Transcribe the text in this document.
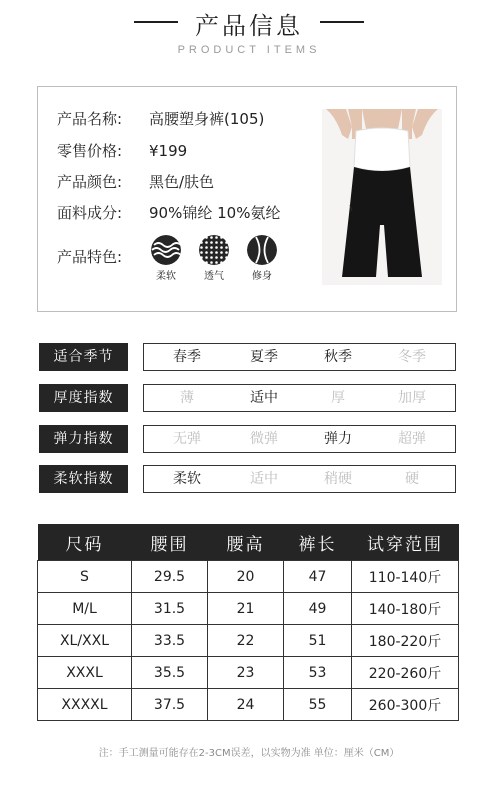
产品信息
PRODUCT ITEMS
产品名称: 高腰塑身裤(105)
零售价格: ¥199
产品颜色: 黑色/肤色
面料成分: 90%锦纶 10%氨纶
产品特色:
柔软	透气	修身
适合季节	春季	夏季	秋季	冬季
厚度指数	薄	适中	厚	加厚
弹力指数	无弹	微弹	弹力	超弹
柔软指数	柔软	适中	稍硬	硬
尺码	腰围	腰高	裤长	试穿范围
S	29.5	20	47	110-140斤
M/L	31.5	21	49	140-180斤
XL/XXL	33.5	22	51	180-220斤
XXXL	35.5	23	53	220-260斤
XXXXL	37.5	24	55	260-300斤
注：手工测量可能存在2-3CM误差，以实物为准 单位：厘米（CM）
